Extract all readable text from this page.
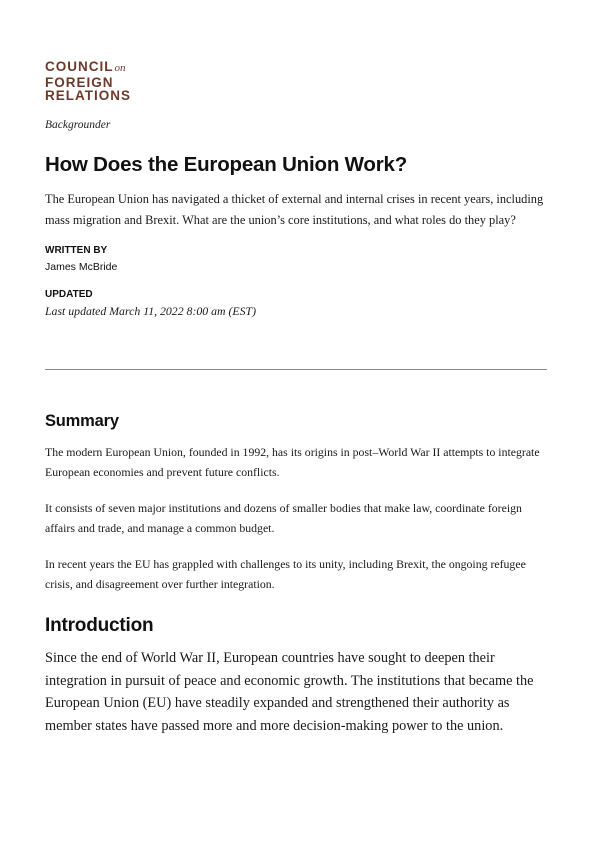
COUNCILon
FOREIGN
RELATIONS
Backgrounder
How Does the European Union Work?
The European Union has navigated a thicket of external and internal crises in recent years, including mass migration and Brexit. What are the union’s core institutions, and what roles do they play?
WRITTEN BY
James McBride
UPDATED
Last updated March 11, 2022 8:00 am (EST)
Summary

The modern European Union, founded in 1992, has its origins in post–World War II attempts to integrate European economies and prevent future conflicts.

It consists of seven major institutions and dozens of smaller bodies that make law, coordinate foreign affairs and trade, and manage a common budget.

In recent years the EU has grappled with challenges to its unity, including Brexit, the ongoing refugee crisis, and disagreement over further integration.

Introduction

Since the end of World War II, European countries have sought to deepen their integration in pursuit of peace and economic growth. The institutions that became the European Union (EU) have steadily expanded and strengthened their authority as member states have passed more and more decision-making power to the union.
